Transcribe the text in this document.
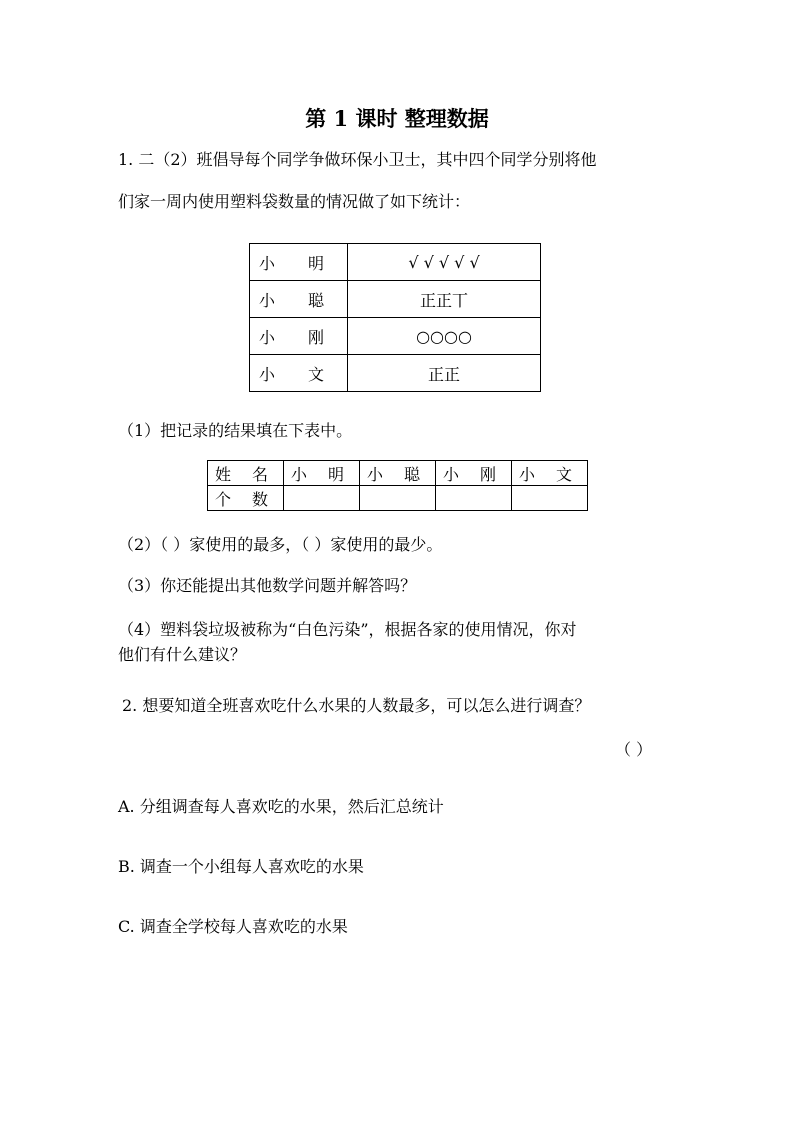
第 1 课时 整理数据
1. 二（2）班倡导每个同学争做环保小卫士，其中四个同学分别将他
们家一周内使用塑料袋数量的情况做了如下统计：
小 明	√ √ √ √ √
小 聪	正正丅
小 刚	○○○○
小 文	正正
（1）把记录的结果填在下表中。
姓 名	小 明	小 聪	小 刚	小 文
个 数				
（2）（ ）家使用的最多，（ ）家使用的最少。
（3）你还能提出其他数学问题并解答吗？
（4）塑料袋垃圾被称为“白色污染”，根据各家的使用情况，你对
他们有什么建议？
2. 想要知道全班喜欢吃什么水果的人数最多，可以怎么进行调查？
（ ）
A. 分组调查每人喜欢吃的水果，然后汇总统计
B. 调查一个小组每人喜欢吃的水果
C. 调查全学校每人喜欢吃的水果
